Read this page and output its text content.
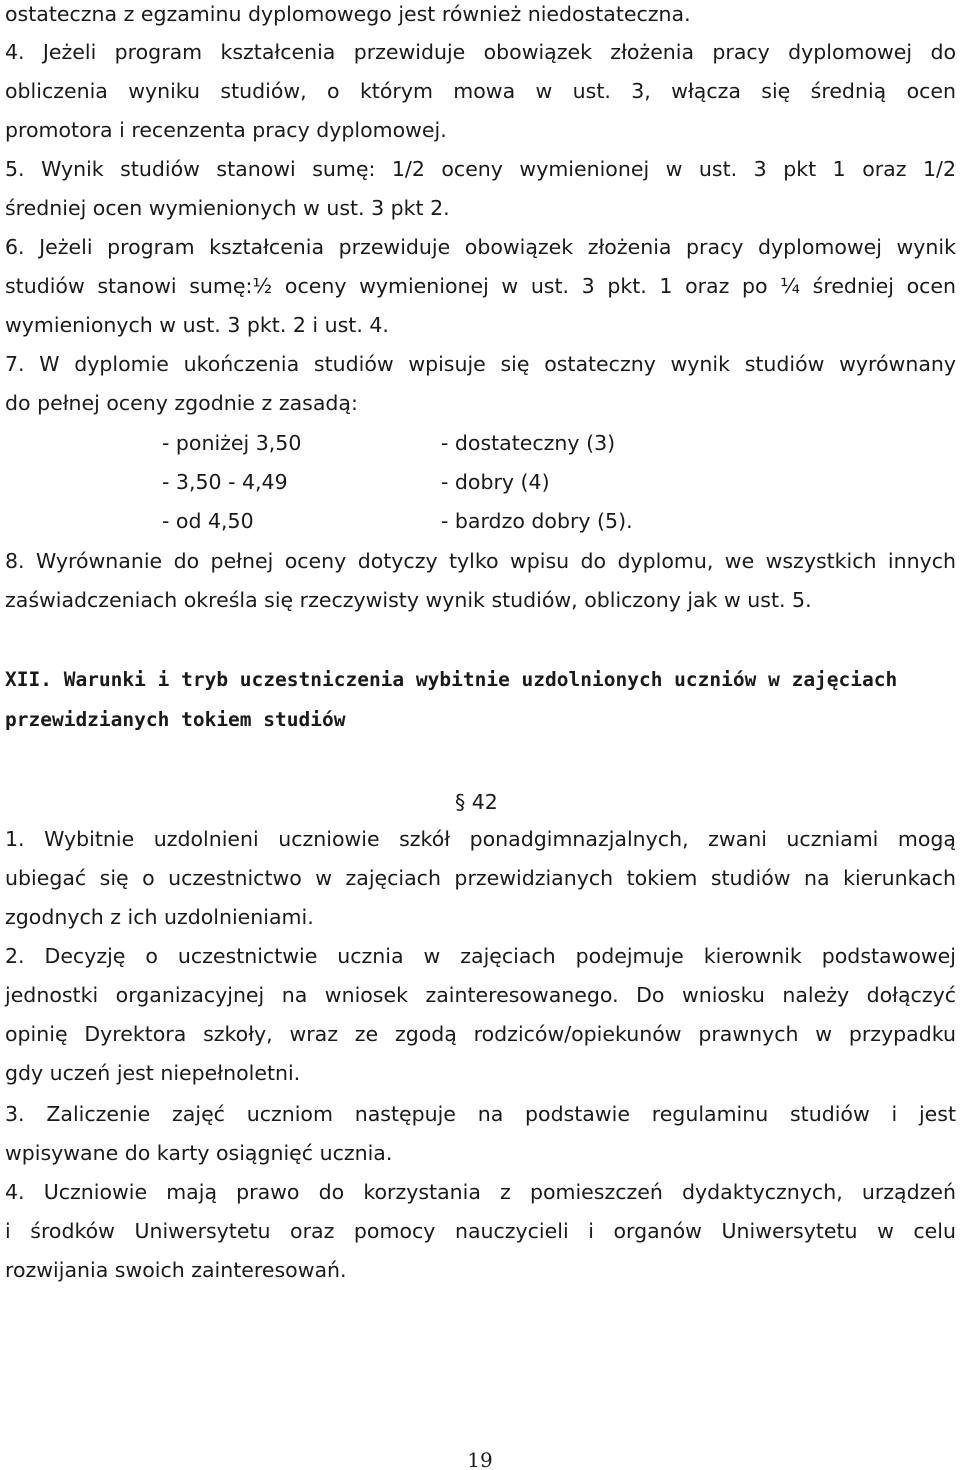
ostateczna z egzaminu dyplomowego jest również niedostateczna.
4. Jeżeli program kształcenia przewiduje obowiązek złożenia pracy dyplomowej do
obliczenia wyniku studiów, o którym mowa w ust. 3, włącza się średnią ocen
promotora i recenzenta pracy dyplomowej.
5. Wynik studiów stanowi sumę: 1/2 oceny wymienionej w ust. 3 pkt 1 oraz 1/2
średniej ocen wymienionych w ust. 3 pkt 2.
6. Jeżeli program kształcenia przewiduje obowiązek złożenia pracy dyplomowej wynik
studiów stanowi sumę:½ oceny wymienionej w ust. 3 pkt. 1 oraz po ¼ średniej ocen
wymienionych w ust. 3 pkt. 2 i ust. 4.
7. W dyplomie ukończenia studiów wpisuje się ostateczny wynik studiów wyrównany
do pełnej oceny zgodnie z zasadą:
- poniżej 3,50	- dostateczny (3)
- 3,50 - 4,49	- dobry (4)
- od 4,50	- bardzo dobry (5).
8. Wyrównanie do pełnej oceny dotyczy tylko wpisu do dyplomu, we wszystkich innych
zaświadczeniach określa się rzeczywisty wynik studiów, obliczony jak w ust. 5.
XII. Warunki i tryb uczestniczenia wybitnie uzdolnionych uczniów w zajęciach
przewidzianych tokiem studiów
§ 42
1. Wybitnie uzdolnieni uczniowie szkół ponadgimnazjalnych, zwani uczniami mogą
ubiegać się o uczestnictwo w zajęciach przewidzianych tokiem studiów na kierunkach
zgodnych z ich uzdolnieniami.
2. Decyzję o uczestnictwie ucznia w zajęciach podejmuje kierownik podstawowej
jednostki organizacyjnej na wniosek zainteresowanego. Do wniosku należy dołączyć
opinię Dyrektora szkoły, wraz ze zgodą rodziców/opiekunów prawnych w przypadku
gdy uczeń jest niepełnoletni.
3. Zaliczenie zajęć uczniom następuje na podstawie regulaminu studiów i jest
wpisywane do karty osiągnięć ucznia.
4. Uczniowie mają prawo do korzystania z pomieszczeń dydaktycznych, urządzeń
i środków Uniwersytetu oraz pomocy nauczycieli i organów Uniwersytetu w celu
rozwijania swoich zainteresowań.
19
